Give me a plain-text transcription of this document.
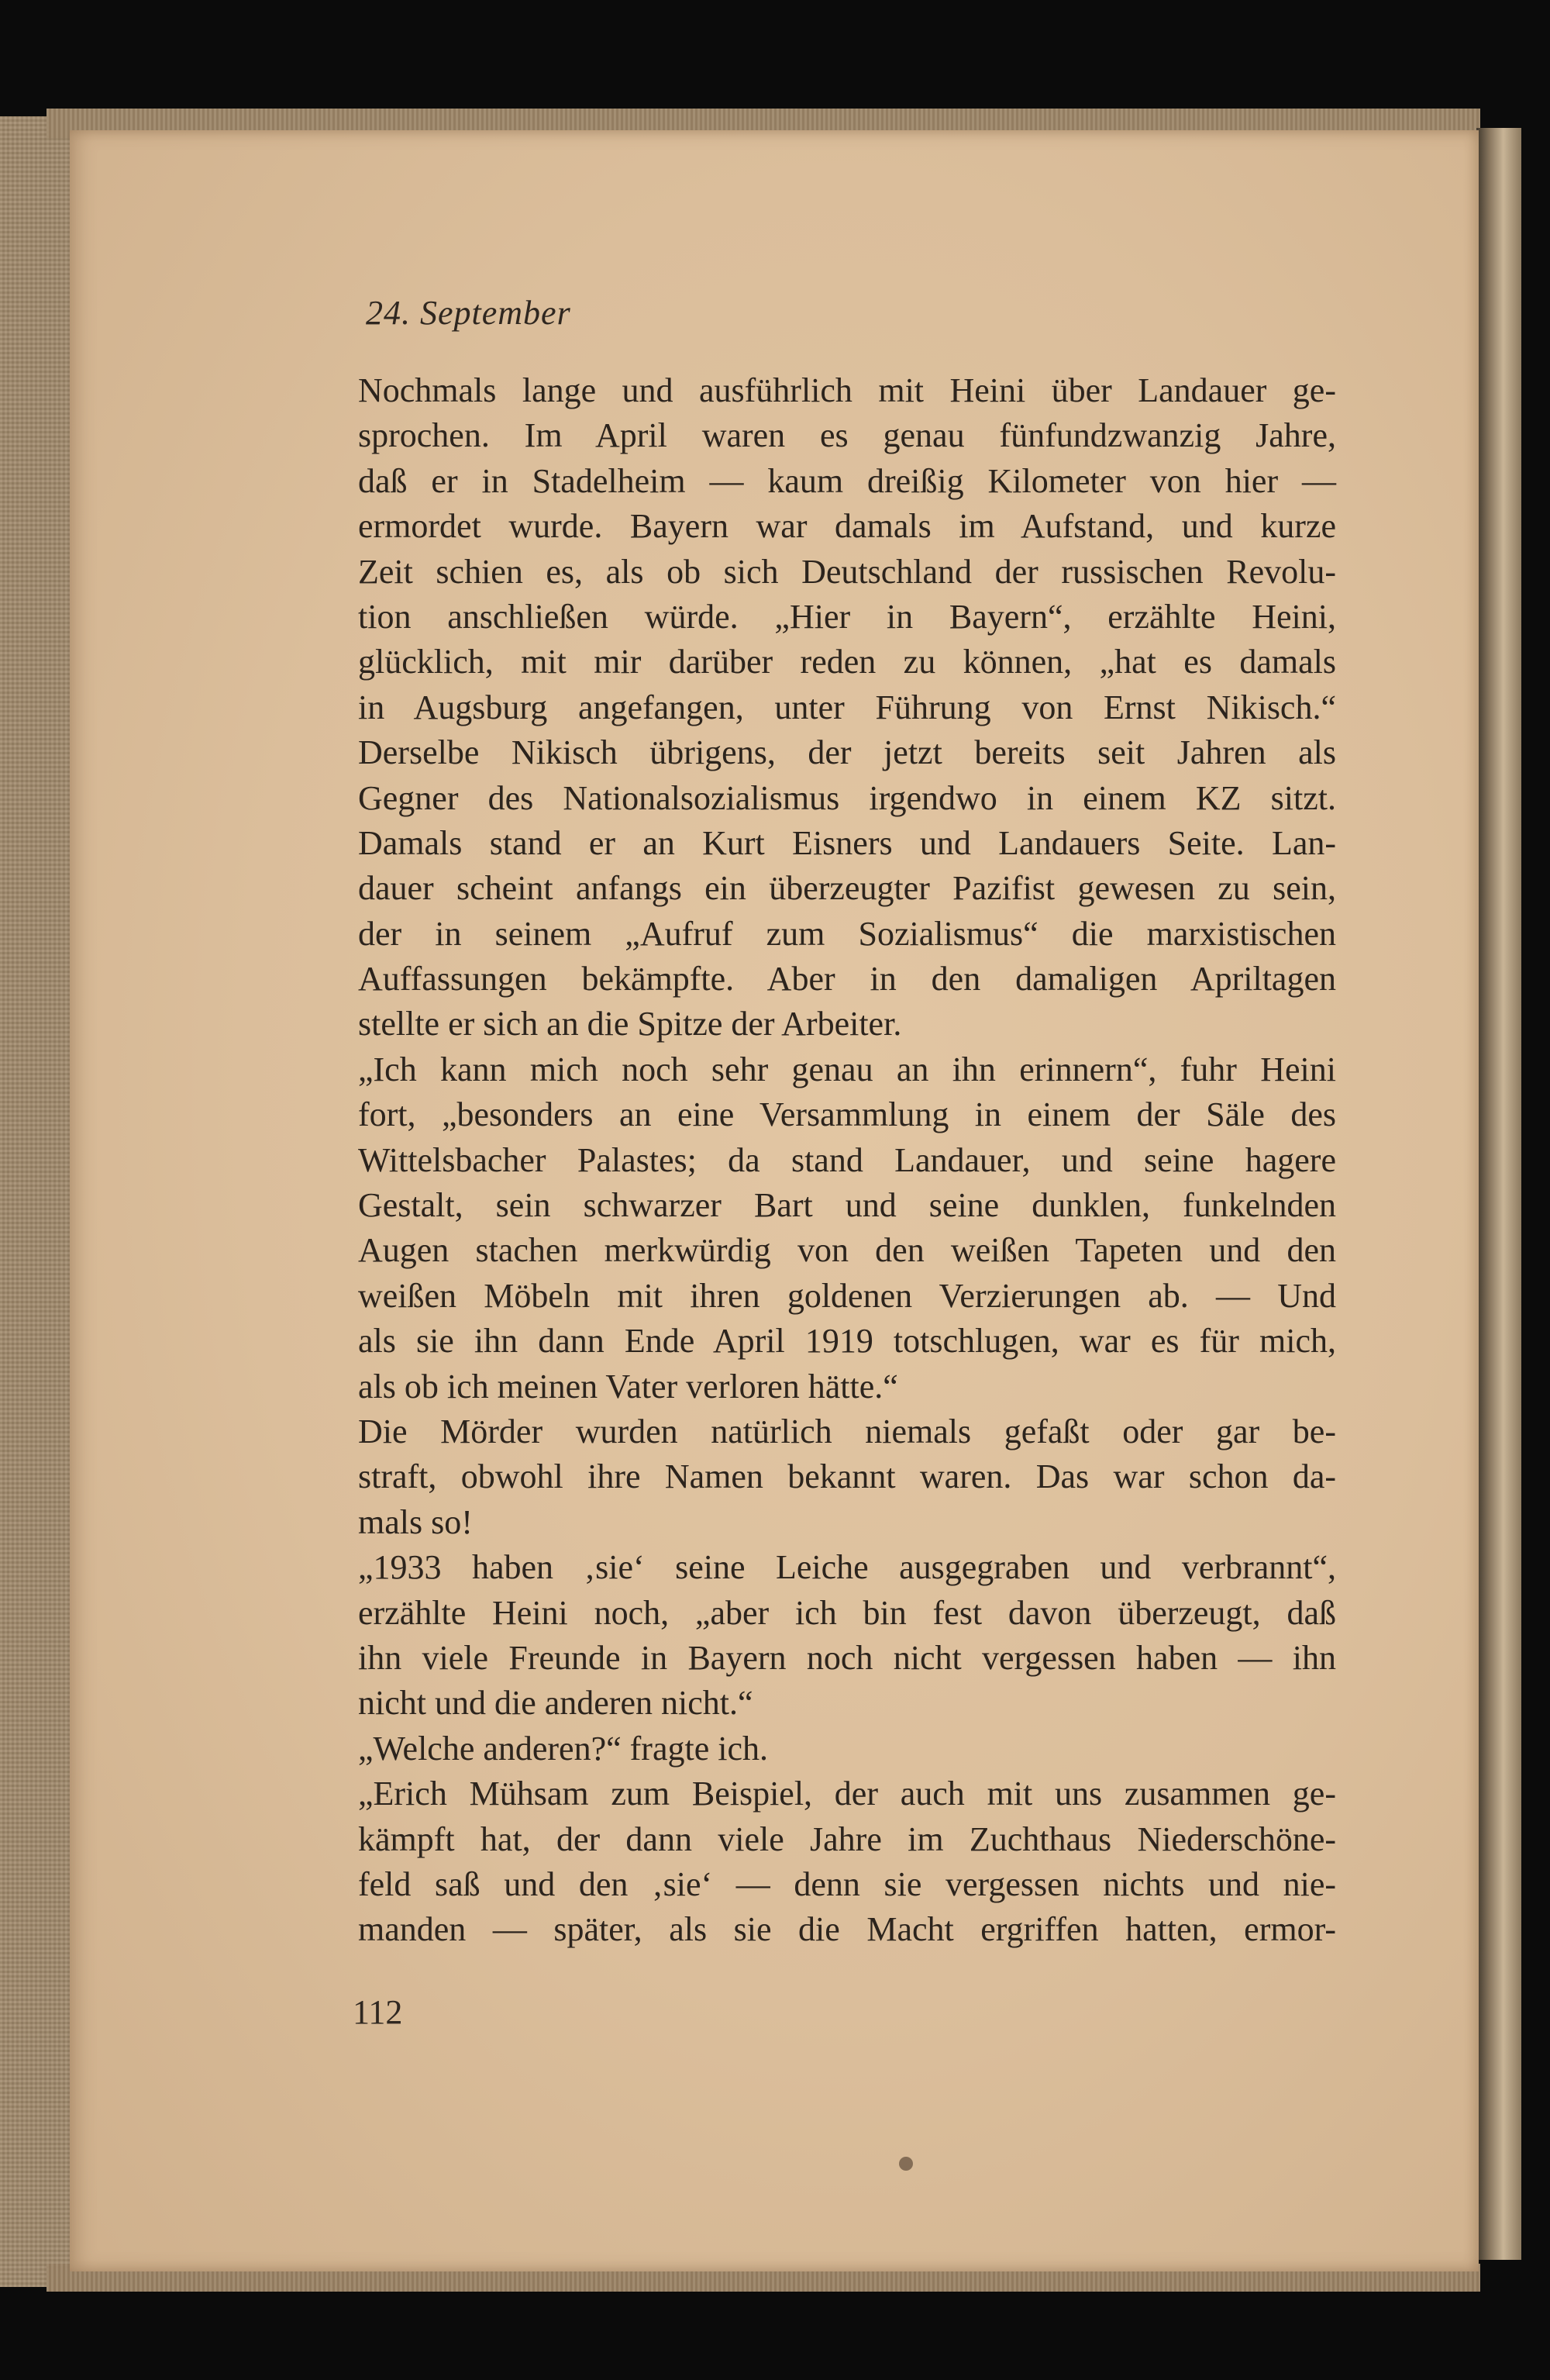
24. September
Nochmals lange und ausführlich mit Heini über Landauer ge-
sprochen. Im April waren es genau fünfundzwanzig Jahre,
daß er in Stadelheim — kaum dreißig Kilometer von hier —
ermordet wurde. Bayern war damals im Aufstand, und kurze
Zeit schien es, als ob sich Deutschland der russischen Revolu-
tion anschließen würde. „Hier in Bayern“, erzählte Heini,
glücklich, mit mir darüber reden zu können, „hat es damals
in Augsburg angefangen, unter Führung von Ernst Nikisch.“
Derselbe Nikisch übrigens, der jetzt bereits seit Jahren als
Gegner des Nationalsozialismus irgendwo in einem KZ sitzt.
Damals stand er an Kurt Eisners und Landauers Seite. Lan-
dauer scheint anfangs ein überzeugter Pazifist gewesen zu sein,
der in seinem „Aufruf zum Sozialismus“ die marxistischen
Auffassungen bekämpfte. Aber in den damaligen Apriltagen
stellte er sich an die Spitze der Arbeiter.
„Ich kann mich noch sehr genau an ihn erinnern“, fuhr Heini
fort, „besonders an eine Versammlung in einem der Säle des
Wittelsbacher Palastes; da stand Landauer, und seine hagere
Gestalt, sein schwarzer Bart und seine dunklen, funkelnden
Augen stachen merkwürdig von den weißen Tapeten und den
weißen Möbeln mit ihren goldenen Verzierungen ab. — Und
als sie ihn dann Ende April 1919 totschlugen, war es für mich,
als ob ich meinen Vater verloren hätte.“
Die Mörder wurden natürlich niemals gefaßt oder gar be-
straft, obwohl ihre Namen bekannt waren. Das war schon da-
mals so!
„1933 haben ‚sie‘ seine Leiche ausgegraben und verbrannt“,
erzählte Heini noch, „aber ich bin fest davon überzeugt, daß
ihn viele Freunde in Bayern noch nicht vergessen haben — ihn
nicht und die anderen nicht.“
„Welche anderen?“ fragte ich.
„Erich Mühsam zum Beispiel, der auch mit uns zusammen ge-
kämpft hat, der dann viele Jahre im Zuchthaus Niederschöne-
feld saß und den ‚sie‘ — denn sie vergessen nichts und nie-
manden — später, als sie die Macht ergriffen hatten, ermor-
112
